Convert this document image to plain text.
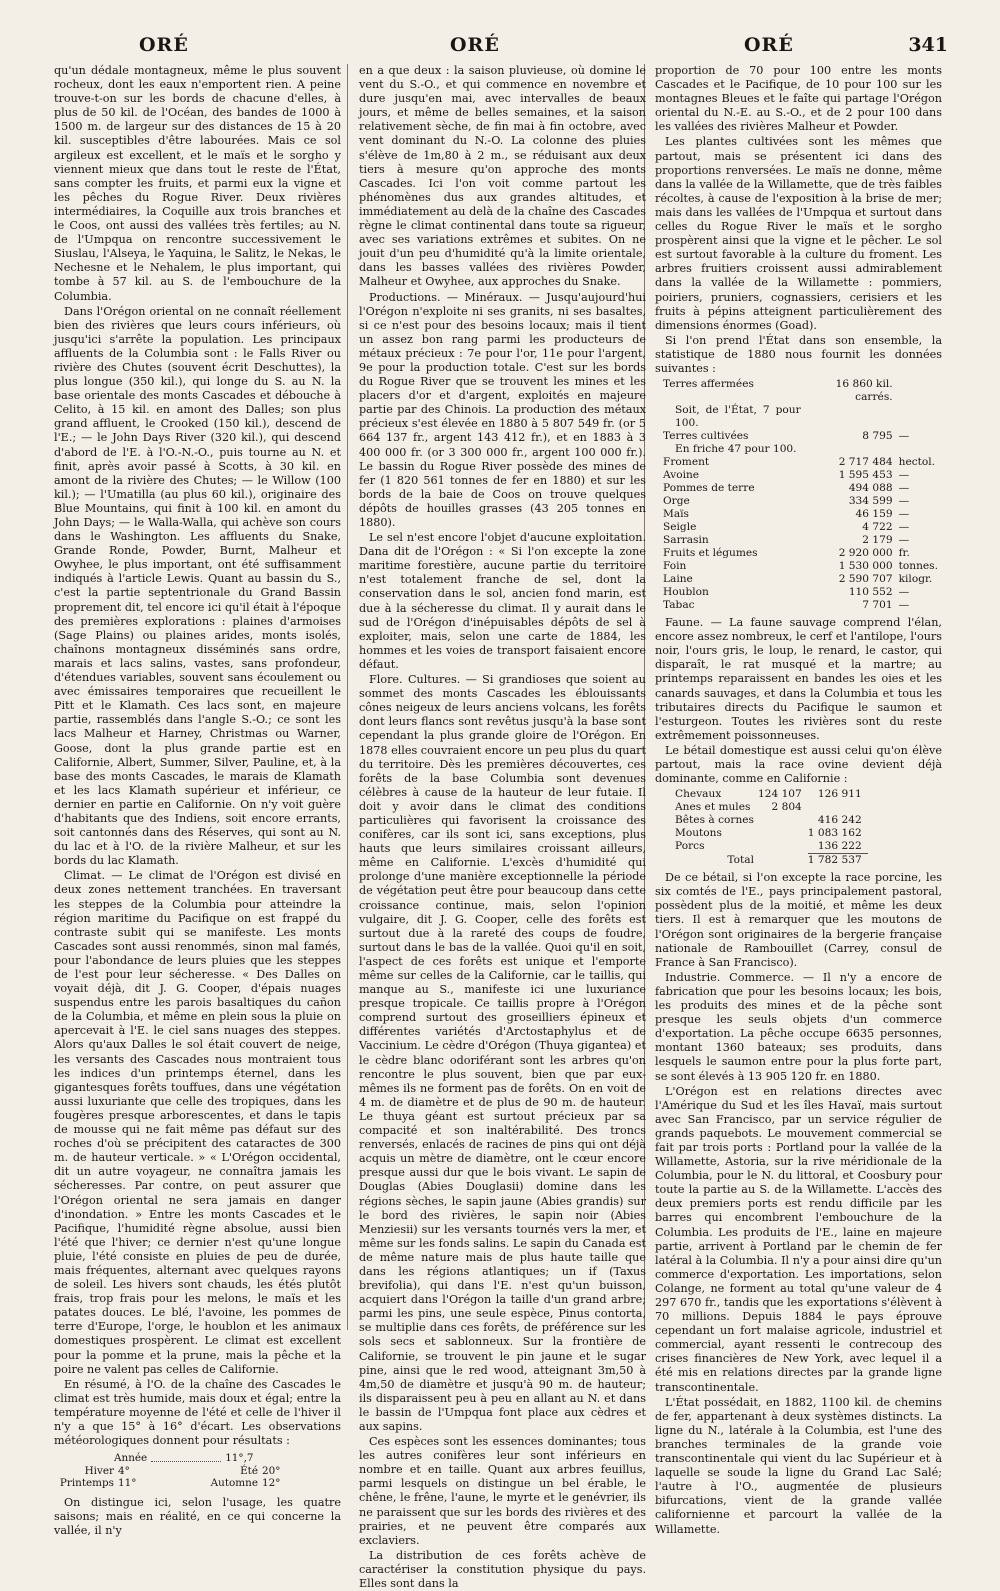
ORÉ	ORÉ	ORÉ	341

qu'un dédale montagneux, même le plus souvent rocheux, dont les eaux n'emportent rien. A peine trouve-t-on sur les bords de chacune d'elles, à plus de 50 kil. de l'Océan, des bandes de 1000 à 1500 m. de largeur sur des distances de 15 à 20 kil. susceptibles d'être labourées. Mais ce sol argileux est excellent, et le maïs et le sorgho y viennent mieux que dans tout le reste de l'État, sans compter les fruits, et parmi eux la vigne et les pêches du Rogue River. Deux rivières intermédiaires, la Coquille aux trois branches et le Coos, ont aussi des vallées très fertiles; au N. de l'Umpqua on rencontre successivement le Siuslau, l'Alseya, le Yaquina, le Salitz, le Nekas, le Nechesne et le Nehalem, le plus important, qui tombe à 57 kil. au S. de l'embouchure de la Columbia.

Dans l'Orégon oriental on ne connaît réellement bien des rivières que leurs cours inférieurs, où jusqu'ici s'arrête la population. Les principaux affluents de la Columbia sont : le Falls River ou rivière des Chutes (souvent écrit Deschuttes), la plus longue (350 kil.), qui longe du S. au N. la base orientale des monts Cascades et débouche à Celito, à 15 kil. en amont des Dalles; son plus grand affluent, le Crooked (150 kil.), descend de l'E.; — le John Days River (320 kil.), qui descend d'abord de l'E. à l'O.-N.-O., puis tourne au N. et finit, après avoir passé à Scotts, à 30 kil. en amont de la rivière des Chutes; — le Willow (100 kil.); — l'Umatilla (au plus 60 kil.), originaire des Blue Mountains, qui finit à 100 kil. en amont du John Days; — le Walla-Walla, qui achève son cours dans le Washington. Les affluents du Snake, Grande Ronde, Powder, Burnt, Malheur et Owyhee, le plus important, ont été suffisamment indiqués à l'article Lewis. Quant au bassin du S., c'est la partie septentrionale du Grand Bassin proprement dit, tel encore ici qu'il était à l'époque des premières explorations : plaines d'armoises (Sage Plains) ou plaines arides, monts isolés, chaînons montagneux disséminés sans ordre, marais et lacs salins, vastes, sans profondeur, d'étendues variables, souvent sans écoulement ou avec émissaires temporaires que recueillent le Pitt et le Klamath. Ces lacs sont, en majeure partie, rassemblés dans l'angle S.-O.; ce sont les lacs Malheur et Harney, Christmas ou Warner, Goose, dont la plus grande partie est en Californie, Albert, Summer, Silver, Pauline, et, à la base des monts Cascades, le marais de Klamath et les lacs Klamath supérieur et inférieur, ce dernier en partie en Californie. On n'y voit guère d'habitants que des Indiens, soit encore errants, soit cantonnés dans des Réserves, qui sont au N. du lac et à l'O. de la rivière Malheur, et sur les bords du lac Klamath.

Climat. — Le climat de l'Orégon est divisé en deux zones nettement tranchées. En traversant les steppes de la Columbia pour atteindre la région maritime du Pacifique on est frappé du contraste subit qui se manifeste. Les monts Cascades sont aussi renommés, sinon mal famés, pour l'abondance de leurs pluies que les steppes de l'est pour leur sécheresse. « Des Dalles on voyait déjà, dit J. G. Cooper, d'épais nuages suspendus entre les parois basaltiques du cañon de la Columbia, et même en plein sous la pluie on apercevait à l'E. le ciel sans nuages des steppes. Alors qu'aux Dalles le sol était couvert de neige, les versants des Cascades nous montraient tous les indices d'un printemps éternel, dans les gigantesques forêts touffues, dans une végétation aussi luxuriante que celle des tropiques, dans les fougères presque arborescentes, et dans le tapis de mousse qui ne fait même pas défaut sur des roches d'où se précipitent des cataractes de 300 m. de hauteur verticale. » « L'Orégon occidental, dit un autre voyageur, ne connaîtra jamais les sécheresses. Par contre, on peut assurer que l'Orégon oriental ne sera jamais en danger d'inondation. » Entre les monts Cascades et le Pacifique, l'humidité règne absolue, aussi bien l'été que l'hiver; ce dernier n'est qu'une longue pluie, l'été consiste en pluies de peu de durée, mais fréquentes, alternant avec quelques rayons de soleil. Les hivers sont chauds, les étés plutôt frais, trop frais pour les melons, le maïs et les patates douces. Le blé, l'avoine, les pommes de terre d'Europe, l'orge, le houblon et les animaux domestiques prospèrent. Le climat est excellent pour la pomme et la prune, mais la pêche et la poire ne valent pas celles de Californie.

En résumé, à l'O. de la chaîne des Cascades le climat est très humide, mais doux et égal; entre la température moyenne de l'été et celle de l'hiver il n'y a que 15° à 16° d'écart. Les observations météorologiques donnent pour résultats :

Année	11°,7
Hiver 4°	Été 20°
Printemps 11°	Automne 12°

On distingue ici, selon l'usage, les quatre saisons; mais en réalité, en ce qui concerne la vallée, il n'y

en a que deux : la saison pluvieuse, où domine le vent du S.-O., et qui commence en novembre et dure jusqu'en mai, avec intervalles de beaux jours, et même de belles semaines, et la saison relativement sèche, de fin mai à fin octobre, avec vent dominant du N.-O. La colonne des pluies s'élève de 1m,80 à 2 m., se réduisant aux deux tiers à mesure qu'on approche des monts Cascades. Ici l'on voit comme partout les phénomènes dus aux grandes altitudes, et immédiatement au delà de la chaîne des Cascades règne le climat continental dans toute sa rigueur, avec ses variations extrêmes et subites. On ne jouit d'un peu d'humidité qu'à la limite orientale, dans les basses vallées des rivières Powder, Malheur et Owyhee, aux approches du Snake.

Productions. — Minéraux. — Jusqu'aujourd'hui l'Orégon n'exploite ni ses granits, ni ses basaltes, si ce n'est pour des besoins locaux; mais il tient un assez bon rang parmi les producteurs de métaux précieux : 7e pour l'or, 11e pour l'argent, 9e pour la production totale. C'est sur les bords du Rogue River que se trouvent les mines et les placers d'or et d'argent, exploités en majeure partie par des Chinois. La production des métaux précieux s'est élevée en 1880 à 5 807 549 fr. (or 5 664 137 fr., argent 143 412 fr.), et en 1883 à 3 400 000 fr. (or 3 300 000 fr., argent 100 000 fr.). Le bassin du Rogue River possède des mines de fer (1 820 561 tonnes de fer en 1880) et sur les bords de la baie de Coos on trouve quelques dépôts de houilles grasses (43 205 tonnes en 1880).

Le sel n'est encore l'objet d'aucune exploitation. Dana dit de l'Orégon : « Si l'on excepte la zone maritime forestière, aucune partie du territoire n'est totalement franche de sel, dont la conservation dans le sol, ancien fond marin, est due à la sécheresse du climat. Il y aurait dans le sud de l'Orégon d'inépuisables dépôts de sel à exploiter, mais, selon une carte de 1884, les hommes et les voies de transport faisaient encore défaut.

Flore. Cultures. — Si grandioses que soient au sommet des monts Cascades les éblouissants cônes neigeux de leurs anciens volcans, les forêts dont leurs flancs sont revêtus jusqu'à la base sont cependant la plus grande gloire de l'Orégon. En 1878 elles couvraient encore un peu plus du quart du territoire. Dès les premières découvertes, ces forêts de la base Columbia sont devenues célèbres à cause de la hauteur de leur futaie. Il doit y avoir dans le climat des conditions particulières qui favorisent la croissance des conifères, car ils sont ici, sans exceptions, plus hauts que leurs similaires croissant ailleurs, même en Californie. L'excès d'humidité qui prolonge d'une manière exceptionnelle la période de végétation peut être pour beaucoup dans cette croissance continue, mais, selon l'opinion vulgaire, dit J. G. Cooper, celle des forêts est surtout due à la rareté des coups de foudre, surtout dans le bas de la vallée. Quoi qu'il en soit, l'aspect de ces forêts est unique et l'emporte même sur celles de la Californie, car le taillis, qui manque au S., manifeste ici une luxuriance presque tropicale. Ce taillis propre à l'Orégon comprend surtout des groseilliers épineux et différentes variétés d'Arctostaphylus et de Vaccinium. Le cèdre d'Orégon (Thuya gigantea) et le cèdre blanc odoriférant sont les arbres qu'on rencontre le plus souvent, bien que par eux-mêmes ils ne forment pas de forêts. On en voit de 4 m. de diamètre et de plus de 90 m. de hauteur. Le thuya géant est surtout précieux par sa compacité et son inaltérabilité. Des troncs renversés, enlacés de racines de pins qui ont déjà acquis un mètre de diamètre, ont le cœur encore presque aussi dur que le bois vivant. Le sapin de Douglas (Abies Douglasii) domine dans les régions sèches, le sapin jaune (Abies grandis) sur le bord des rivières, le sapin noir (Abies Menziesii) sur les versants tournés vers la mer, et même sur les fonds salins. Le sapin du Canada est de même nature mais de plus haute taille que dans les régions atlantiques; un if (Taxus brevifolia), qui dans l'E. n'est qu'un buisson, acquiert dans l'Orégon la taille d'un grand arbre; parmi les pins, une seule espèce, Pinus contorta, se multiplie dans ces forêts, de préférence sur les sols secs et sablonneux. Sur la frontière de Californie, se trouvent le pin jaune et le sugar pine, ainsi que le red wood, atteignant 3m,50 à 4m,50 de diamètre et jusqu'à 90 m. de hauteur; ils disparaissent peu à peu en allant au N. et dans le bassin de l'Umpqua font place aux cèdres et aux sapins.

Ces espèces sont les essences dominantes; tous les autres conifères leur sont inférieurs en nombre et en taille. Quant aux arbres feuillus, parmi lesquels on distingue un bel érable, le chêne, le frêne, l'aune, le myrte et le genévrier, ils ne paraissent que sur les bords des rivières et des prairies, et ne peuvent être comparés aux exclaviers.

La distribution de ces forêts achève de caractériser la constitution physique du pays. Elles sont dans la

proportion de 70 pour 100 entre les monts Cascades et le Pacifique, de 10 pour 100 sur les montagnes Bleues et le faîte qui partage l'Orégon oriental du N.-E. au S.-O., et de 2 pour 100 dans les vallées des rivières Malheur et Powder.

Les plantes cultivées sont les mêmes que partout, mais se présentent ici dans des proportions renversées. Le maïs ne donne, même dans la vallée de la Willamette, que de très faibles récoltes, à cause de l'exposition à la brise de mer; mais dans les vallées de l'Umpqua et surtout dans celles du Rogue River le maïs et le sorgho prospèrent ainsi que la vigne et le pêcher. Le sol est surtout favorable à la culture du froment. Les arbres fruitiers croissent aussi admirablement dans la vallée de la Willamette : pommiers, poiriers, pruniers, cognassiers, cerisiers et les fruits à pépins atteignent particulièrement des dimensions énormes (Goad).

Si l'on prend l'État dans son ensemble, la statistique de 1880 nous fournit les données suivantes :

Terres affermées	16 860 kil. carrés.	
Soit, de l'État, 7 pour 100.		
Terres cultivées	8 795	—
En friche 47 pour 100.		
Froment	2 717 484	hectol.
Avoine	1 595 453	—
Pommes de terre	494 088	—
Orge	334 599	—
Maïs	46 159	—
Seigle	4 722	—
Sarrasin	2 179	—
Fruits et légumes	2 920 000	fr.
Foin	1 530 000	tonnes.
Laine	2 590 707	kilogr.
Houblon	110 552	—
Tabac	7 701	—

Faune. — La faune sauvage comprend l'élan, encore assez nombreux, le cerf et l'antilope, l'ours noir, l'ours gris, le loup, le renard, le castor, qui disparaît, le rat musqué et la martre; au printemps reparaissent en bandes les oies et les canards sauvages, et dans la Columbia et tous les tributaires directs du Pacifique le saumon et l'esturgeon. Toutes les rivières sont du reste extrêmement poissonneuses.

Le bétail domestique est aussi celui qu'on élève partout, mais la race ovine devient déjà dominante, comme en Californie :

Chevaux	124 107	126 911
Anes et mules	2 804	
Bêtes à cornes		416 242
Moutons		1 083 162
Porcs		136 222
Total		1 782 537

De ce bétail, si l'on excepte la race porcine, les six comtés de l'E., pays principalement pastoral, possèdent plus de la moitié, et même les deux tiers. Il est à remarquer que les moutons de l'Orégon sont originaires de la bergerie française nationale de Rambouillet (Carrey, consul de France à San Francisco).

Industrie. Commerce. — Il n'y a encore de fabrication que pour les besoins locaux; les bois, les produits des mines et de la pêche sont presque les seuls objets d'un commerce d'exportation. La pêche occupe 6635 personnes, montant 1360 bateaux; ses produits, dans lesquels le saumon entre pour la plus forte part, se sont élevés à 13 905 120 fr. en 1880.

L'Orégon est en relations directes avec l'Amérique du Sud et les îles Havaï, mais surtout avec San Francisco, par un service régulier de grands paquebots. Le mouvement commercial se fait par trois ports : Portland pour la vallée de la Willamette, Astoria, sur la rive méridionale de la Columbia, pour le N. du littoral, et Coosbury pour toute la partie au S. de la Willamette. L'accès des deux premiers ports est rendu difficile par les barres qui encombrent l'embouchure de la Columbia. Les produits de l'E., laine en majeure partie, arrivent à Portland par le chemin de fer latéral à la Columbia. Il n'y a pour ainsi dire qu'un commerce d'exportation. Les importations, selon Colange, ne forment au total qu'une valeur de 4 297 670 fr., tandis que les exportations s'élèvent à 70 millions. Depuis 1884 le pays éprouve cependant un fort malaise agricole, industriel et commercial, ayant ressenti le contrecoup des crises financières de New York, avec lequel il a été mis en relations directes par la grande ligne transcontinentale.

L'État possédait, en 1882, 1100 kil. de chemins de fer, appartenant à deux systèmes distincts. La ligne du N., latérale à la Columbia, est l'une des branches terminales de la grande voie transcontinentale qui vient du lac Supérieur et à laquelle se soude la ligne du Grand Lac Salé; l'autre à l'O., augmentée de plusieurs bifurcations, vient de la grande vallée californienne et parcourt la vallée de la Willamette.
